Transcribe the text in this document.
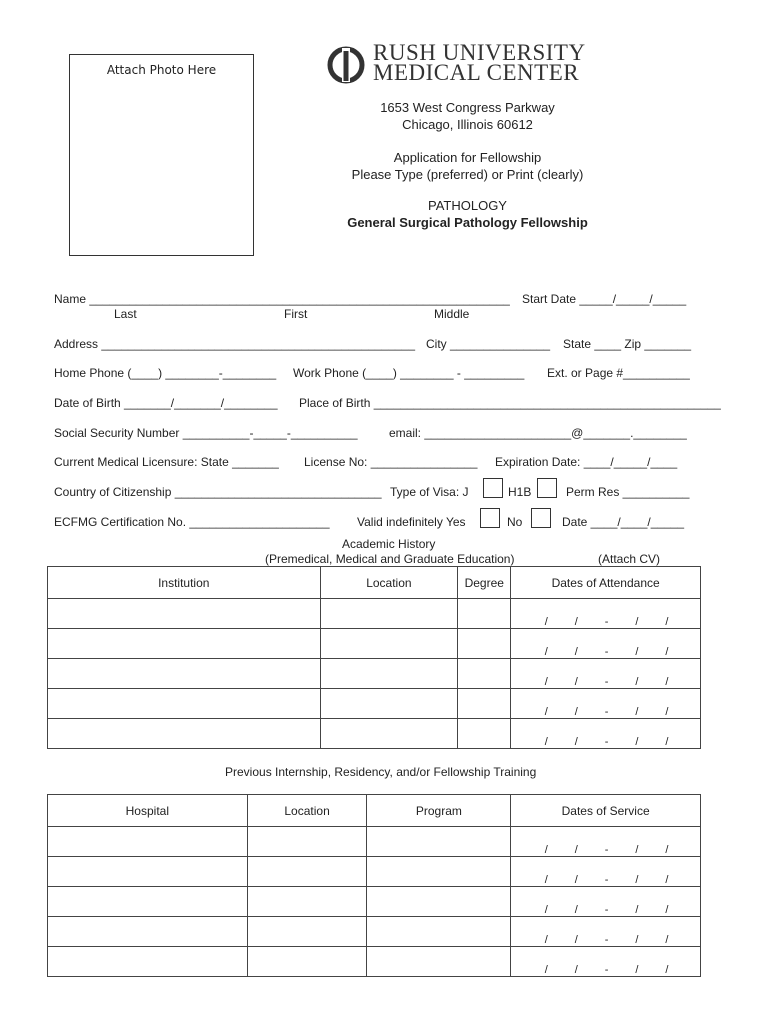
Attach Photo Here
RUSH UNIVERSITY
MEDICAL CENTER
1653 West Congress Parkway
Chicago, Illinois 60612
Application for Fellowship
Please Type (preferred) or Print (clearly)
PATHOLOGY
General Surgical Pathology Fellowship
Name _______________________________________________________________ Start Date _____/_____/_____
Last	First	Middle
Address _______________________________________________ City _______________ State ____ Zip _______
Home Phone (____) ________-________ Work Phone (____) ________ - _________ Ext. or Page #__________
Date of Birth _______/_______/________ Place of Birth ____________________________________________________
Social Security Number __________-_____-__________	email: ______________________@_______.________
Current Medical Licensure: State _______ License No: ________________ Expiration Date: ____/_____/____
Country of Citizenship _______________________________ Type of Visa: J	H1B	Perm Res __________
ECFMG Certification No. _____________________ Valid indefinitely Yes	No	Date ____/____/_____
Academic History
(Premedical, Medical and Graduate Education)	(Attach CV)
Institution	Location	Degree	Dates of Attendance

			/ / - / /

			/ / - / /

			/ / - / /

			/ / - / /

			/ / - / /
Previous Internship, Residency, and/or Fellowship Training
Hospital	Location	Program	Dates of Service

			/ / - / /

			/ / - / /

			/ / - / /

			/ / - / /

			/ / - / /
